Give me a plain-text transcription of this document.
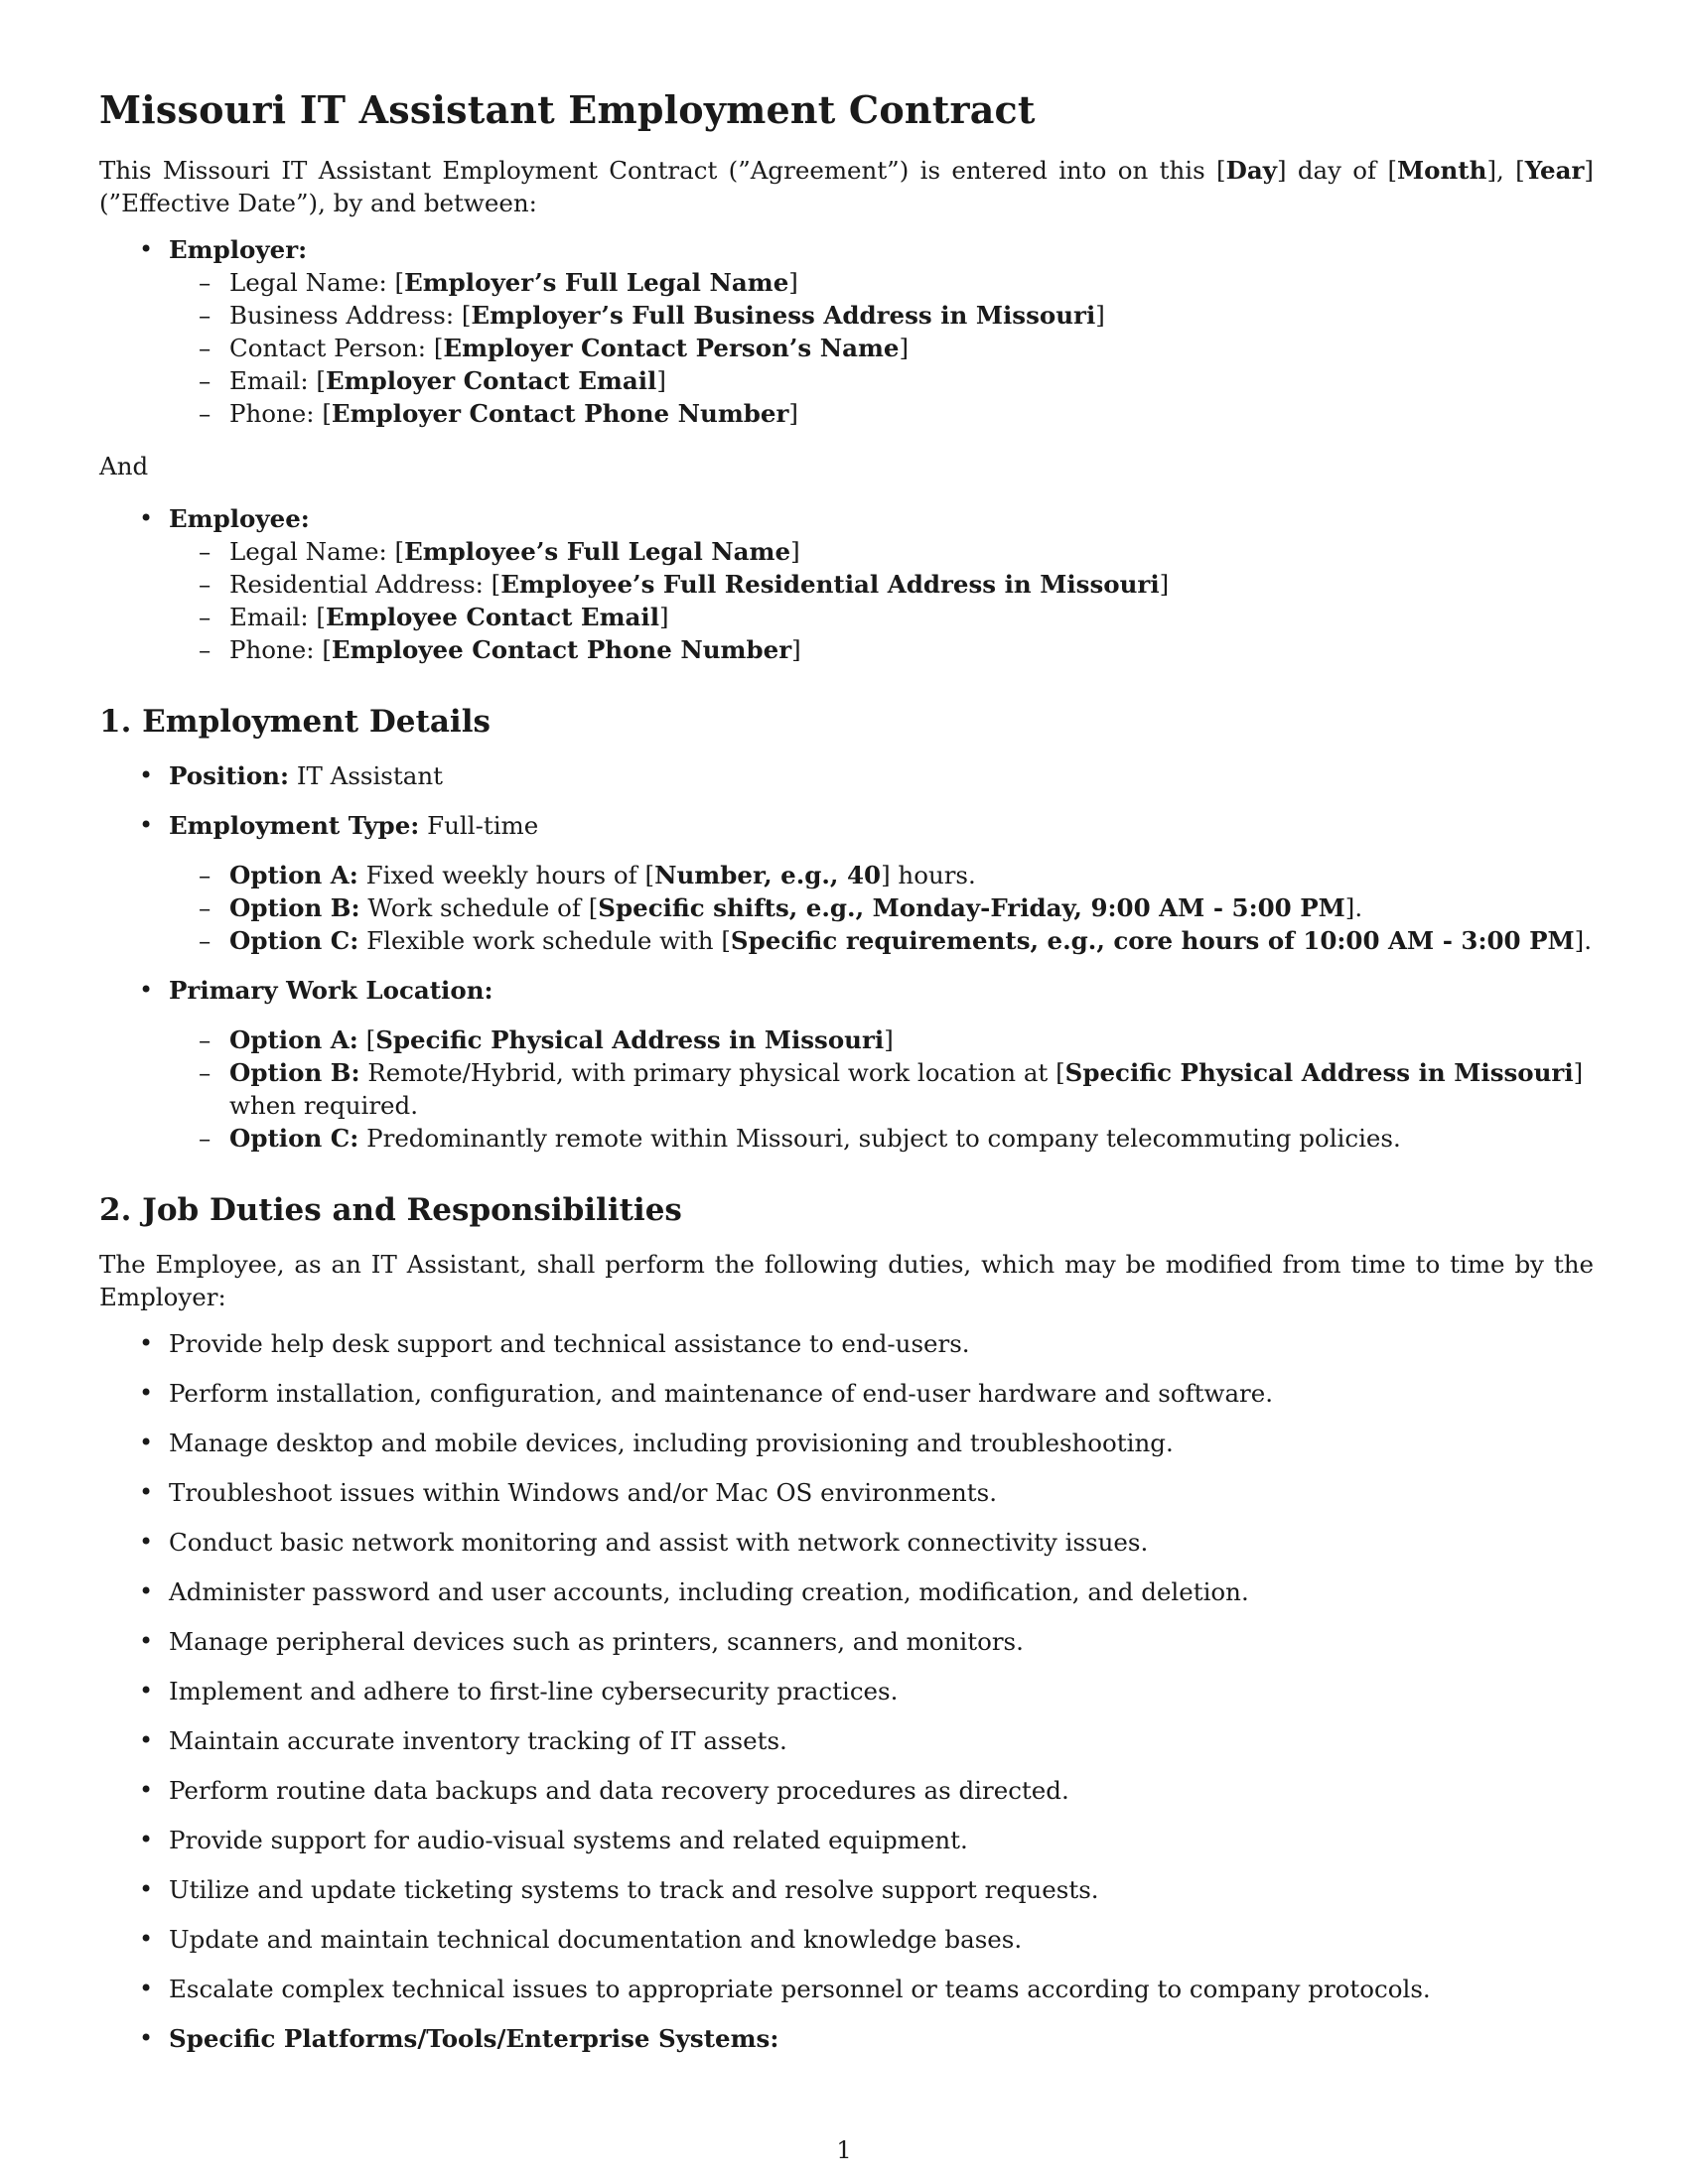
Missouri IT Assistant Employment Contract

This Missouri IT Assistant Employment Contract (”Agreement”) is entered into on this [Day] day of [Month], [Year] (”Effective Date”), by and between:

• Employer:
– Legal Name: [Employer’s Full Legal Name]
– Business Address: [Employer’s Full Business Address in Missouri]
– Contact Person: [Employer Contact Person’s Name]
– Email: [Employer Contact Email]
– Phone: [Employer Contact Phone Number]

And

• Employee:
– Legal Name: [Employee’s Full Legal Name]
– Residential Address: [Employee’s Full Residential Address in Missouri]
– Email: [Employee Contact Email]
– Phone: [Employee Contact Phone Number]
1. Employment Details
• Position: IT Assistant
• Employment Type: Full-time
– Option A: Fixed weekly hours of [Number, e.g., 40] hours.
– Option B: Work schedule of [Specific shifts, e.g., Monday-Friday, 9:00 AM - 5:00 PM].
– Option C: Flexible work schedule with [Specific requirements, e.g., core hours of 10:00 AM - 3:00 PM].
• Primary Work Location:
– Option A: [Specific Physical Address in Missouri]
– Option B: Remote/Hybrid, with primary physical work location at [Specific Physical Address in Missouri] when required.
– Option C: Predominantly remote within Missouri, subject to company telecommuting policies.
2. Job Duties and Responsibilities

The Employee, as an IT Assistant, shall perform the following duties, which may be modified from time to time by the Employer:

• Provide help desk support and technical assistance to end-users.
• Perform installation, configuration, and maintenance of end-user hardware and software.
• Manage desktop and mobile devices, including provisioning and troubleshooting.
• Troubleshoot issues within Windows and/or Mac OS environments.
• Conduct basic network monitoring and assist with network connectivity issues.
• Administer password and user accounts, including creation, modification, and deletion.
• Manage peripheral devices such as printers, scanners, and monitors.
• Implement and adhere to first-line cybersecurity practices.
• Maintain accurate inventory tracking of IT assets.
• Perform routine data backups and data recovery procedures as directed.
• Provide support for audio-visual systems and related equipment.
• Utilize and update ticketing systems to track and resolve support requests.
• Update and maintain technical documentation and knowledge bases.
• Escalate complex technical issues to appropriate personnel or teams according to company protocols.
• Specific Platforms/Tools/Enterprise Systems:
1
